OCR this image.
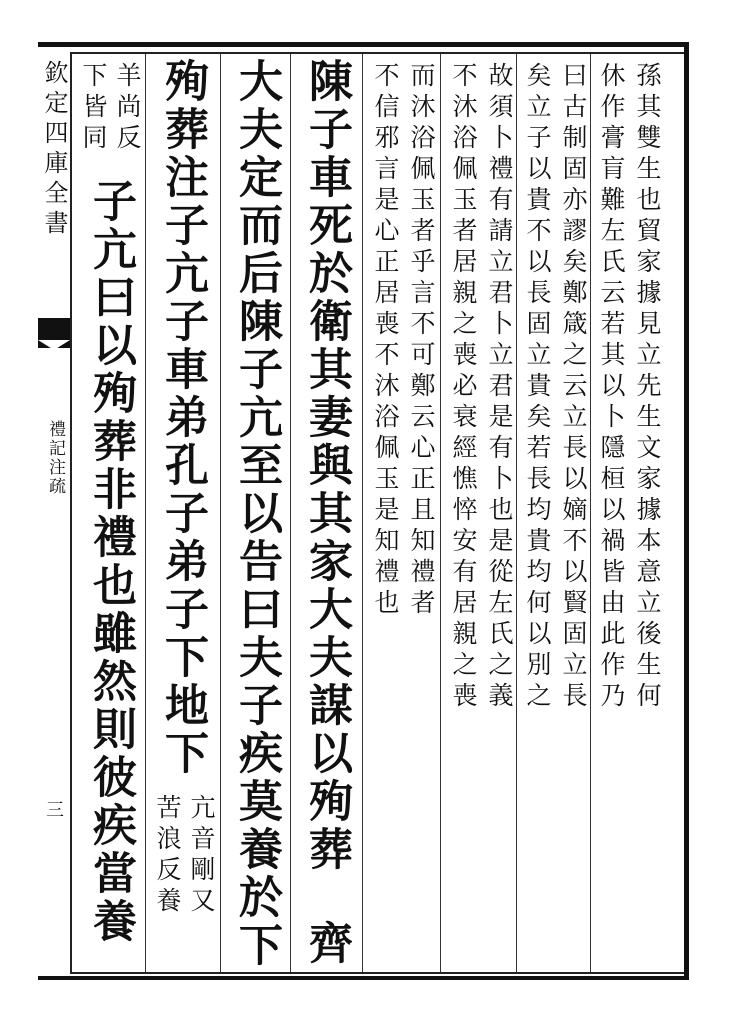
欽定四庫全書
禮記注疏
三
孫其雙生也貿家據見立先生文家據本意立後生何
休作膏肓難左氏云若其以卜隱桓以禍皆由此作乃
曰古制固亦謬矣鄭箴之云立長以嫡不以賢固立長
矣立子以貴不以長固立貴矣若長均貴均何以別之
故須卜禮有請立君卜立君是有卜也是從左氏之義
不沐浴佩玉者居親之喪必衰經憔悴安有居親之喪
而沐浴佩玉者乎言不可鄭云心正且知禮者
不信邪言是心正居喪不沐浴佩玉是知禮也
陳子車死於衛其妻與其家大夫謀以殉葬
齊
大夫定而后陳子亢至以告曰夫子疾莫養於下
殉葬注子亢子車弟孔子弟子下地下
亢音剛又
苦浪反養
羊尚反
下皆同
子亢曰以殉葬非禮也雖然則彼疾當養
